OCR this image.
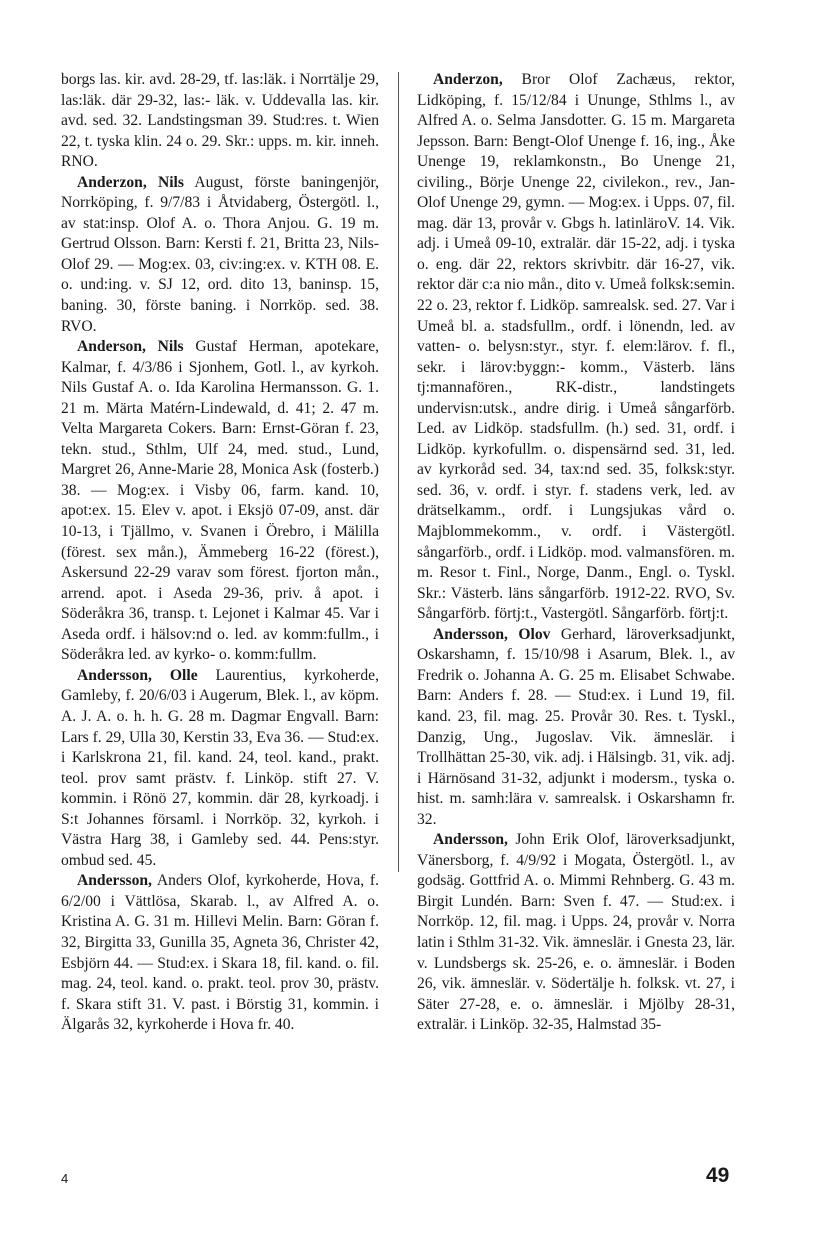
borgs las. kir. avd. 28-29, tf. las:läk. i Norrtälje 29, las:läk. där 29-32, las:- läk. v. Uddevalla las. kir. avd. sed. 32. Landstingsman 39. Stud:res. t. Wien 22, t. tyska klin. 24 o. 29. Skr.: upps. m. kir. inneh. RNO.

Anderzon, Nils August, förste baningenjör, Norrköping, f. 9/7/83 i Åtvidaberg, Östergötl. l., av stat:insp. Olof A. o. Thora Anjou. G. 19 m. Gertrud Olsson. Barn: Kersti f. 21, Britta 23, Nils-Olof 29. — Mog:ex. 03, civ:ing:ex. v. KTH 08. E. o. und:ing. v. SJ 12, ord. dito 13, baninsp. 15, baning. 30, förste baning. i Norrköp. sed. 38. RVO.

Anderson, Nils Gustaf Herman, apotekare, Kalmar, f. 4/3/86 i Sjonhem, Gotl. l., av kyrkoh. Nils Gustaf A. o. Ida Karolina Hermansson. G. 1. 21 m. Märta Matérn-Lindewald, d. 41; 2. 47 m. Velta Margareta Cokers. Barn: Ernst-Göran f. 23, tekn. stud., Sthlm, Ulf 24, med. stud., Lund, Margret 26, Anne-Marie 28, Monica Ask (fosterb.) 38. — Mog:ex. i Visby 06, farm. kand. 10, apot:ex. 15. Elev v. apot. i Eksjö 07-09, anst. där 10-13, i Tjällmo, v. Svanen i Örebro, i Mälilla (förest. sex mån.), Ämmeberg 16-22 (förest.), Askersund 22-29 varav som förest. fjorton mån., arrend. apot. i Aseda 29-36, priv. å apot. i Söderåkra 36, transp. t. Lejonet i Kalmar 45. Var i Aseda ordf. i hälsov:nd o. led. av komm:fullm., i Söderåkra led. av kyrko- o. komm:fullm.

Andersson, Olle Laurentius, kyrkoherde, Gamleby, f. 20/6/03 i Augerum, Blek. l., av köpm. A. J. A. o. h. h. G. 28 m. Dagmar Engvall. Barn: Lars f. 29, Ulla 30, Kerstin 33, Eva 36. — Stud:ex. i Karlskrona 21, fil. kand. 24, teol. kand., prakt. teol. prov samt prästv. f. Linköp. stift 27. V. kommin. i Rönö 27, kommin. där 28, kyrkoadj. i S:t Johannes församl. i Norrköp. 32, kyrkoh. i Västra Harg 38, i Gamleby sed. 44. Pens:styr. ombud sed. 45.

Andersson, Anders Olof, kyrkoherde, Hova, f. 6/2/00 i Vättlösa, Skarab. l., av Alfred A. o. Kristina A. G. 31 m. Hillevi Melin. Barn: Göran f. 32, Birgitta 33, Gunilla 35, Agneta 36, Christer 42, Esbjörn 44. — Stud:ex. i Skara 18, fil. kand. o. fil. mag. 24, teol. kand. o. prakt. teol. prov 30, prästv. f. Skara stift 31. V. past. i Börstig 31, kommin. i Älgarås 32, kyrkoherde i Hova fr. 40.

Anderzon, Bror Olof Zachæus, rektor, Lidköping, f. 15/12/84 i Ununge, Sthlms l., av Alfred A. o. Selma Jansdotter. G. 15 m. Margareta Jepsson. Barn: Bengt-Olof Unenge f. 16, ing., Åke Unenge 19, reklamkonstn., Bo Unenge 21, civiling., Börje Unenge 22, civilekon., rev., Jan-Olof Unenge 29, gymn. — Mog:ex. i Upps. 07, fil. mag. där 13, provår v. Gbgs h. latinläroV. 14. Vik. adj. i Umeå 09-10, extralär. där 15-22, adj. i tyska o. eng. där 22, rektors skrivbitr. där 16-27, vik. rektor där c:a nio mån., dito v. Umeå folksk:semin. 22 o. 23, rektor f. Lidköp. samrealsk. sed. 27. Var i Umeå bl. a. stadsfullm., ordf. i lönendn, led. av vatten- o. belysn:styr., styr. f. elem:lärov. f. fl., sekr. i lärov:byggn:- komm., Västerb. läns tj:mannafören., RK-distr., landstingets undervisn:utsk., andre dirig. i Umeå sångarförb. Led. av Lidköp. stadsfullm. (h.) sed. 31, ordf. i Lidköp. kyrkofullm. o. dispensärnd sed. 31, led. av kyrkoråd sed. 34, tax:nd sed. 35, folksk:styr. sed. 36, v. ordf. i styr. f. stadens verk, led. av drätselkamm., ordf. i Lungsjukas vård o. Majblommekomm., v. ordf. i Västergötl. sångarförb., ordf. i Lidköp. mod. valmansfören. m. m. Resor t. Finl., Norge, Danm., Engl. o. Tyskl. Skr.: Västerb. läns sångarförb. 1912-22. RVO, Sv. Sångarförb. förtj:t., Vastergötl. Sångarförb. förtj:t.

Andersson, Olov Gerhard, läroverksadjunkt, Oskarshamn, f. 15/10/98 i Asarum, Blek. l., av Fredrik o. Johanna A. G. 25 m. Elisabet Schwabe. Barn: Anders f. 28. — Stud:ex. i Lund 19, fil. kand. 23, fil. mag. 25. Provår 30. Res. t. Tyskl., Danzig, Ung., Jugoslav. Vik. ämneslär. i Trollhättan 25-30, vik. adj. i Hälsingb. 31, vik. adj. i Härnösand 31-32, adjunkt i modersm., tyska o. hist. m. samh:lära v. samrealsk. i Oskarshamn fr. 32.

Andersson, John Erik Olof, läroverksadjunkt, Vänersborg, f. 4/9/92 i Mogata, Östergötl. l., av godsäg. Gottfrid A. o. Mimmi Rehnberg. G. 43 m. Birgit Lundén. Barn: Sven f. 47. — Stud:ex. i Norrköp. 12, fil. mag. i Upps. 24, provår v. Norra latin i Sthlm 31-32. Vik. ämneslär. i Gnesta 23, lär. v. Lundsbergs sk. 25-26, e. o. ämneslär. i Boden 26, vik. ämneslär. v. Södertälje h. folksk. vt. 27, i Säter 27-28, e. o. ämneslär. i Mjölby 28-31, extralär. i Linköp. 32-35, Halmstad 35-

4	49
